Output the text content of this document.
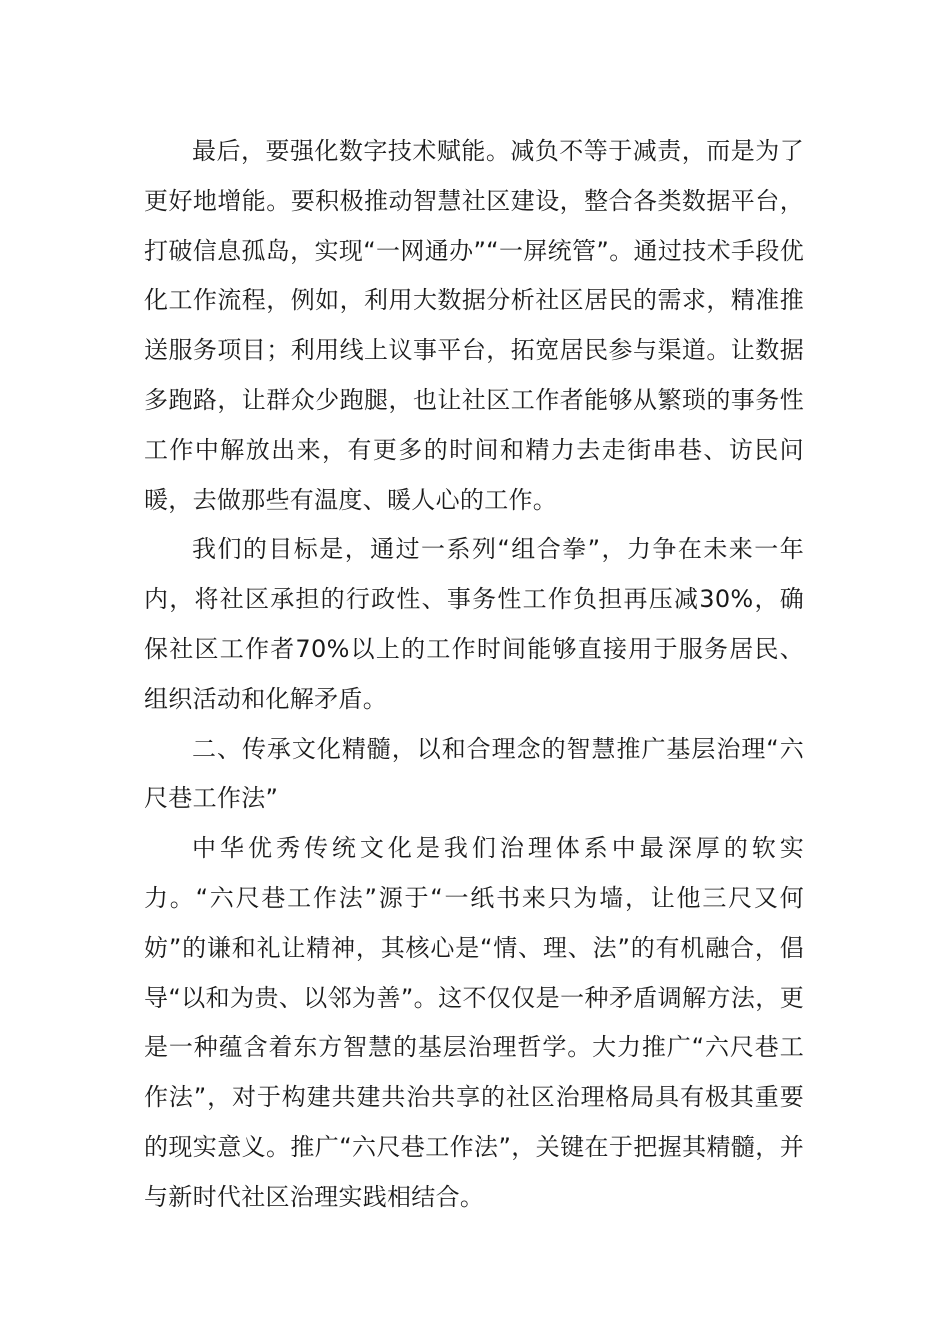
最后，要强化数字技术赋能。减负不等于减责，而是为了更好地增能。要积极推动智慧社区建设，整合各类数据平台，打破信息孤岛，实现“一网通办”“一屏统管”。通过技术手段优化工作流程，例如，利用大数据分析社区居民的需求，精准推送服务项目；利用线上议事平台，拓宽居民参与渠道。让数据多跑路，让群众少跑腿，也让社区工作者能够从繁琐的事务性工作中解放出来，有更多的时间和精力去走街串巷、访民问暖，去做那些有温度、暖人心的工作。

我们的目标是，通过一系列“组合拳”，力争在未来一年内，将社区承担的行政性、事务性工作负担再压减30%，确保社区工作者70%以上的工作时间能够直接用于服务居民、组织活动和化解矛盾。

二、传承文化精髓，以和合理念的智慧推广基层治理“六尺巷工作法”

中华优秀传统文化是我们治理体系中最深厚的软实力。“六尺巷工作法”源于“一纸书来只为墙，让他三尺又何妨”的谦和礼让精神，其核心是“情、理、法”的有机融合，倡导“以和为贵、以邻为善”。这不仅仅是一种矛盾调解方法，更是一种蕴含着东方智慧的基层治理哲学。大力推广“六尺巷工作法”，对于构建共建共治共享的社区治理格局具有极其重要的现实意义。推广“六尺巷工作法”，关键在于把握其精髓，并与新时代社区治理实践相结合。
